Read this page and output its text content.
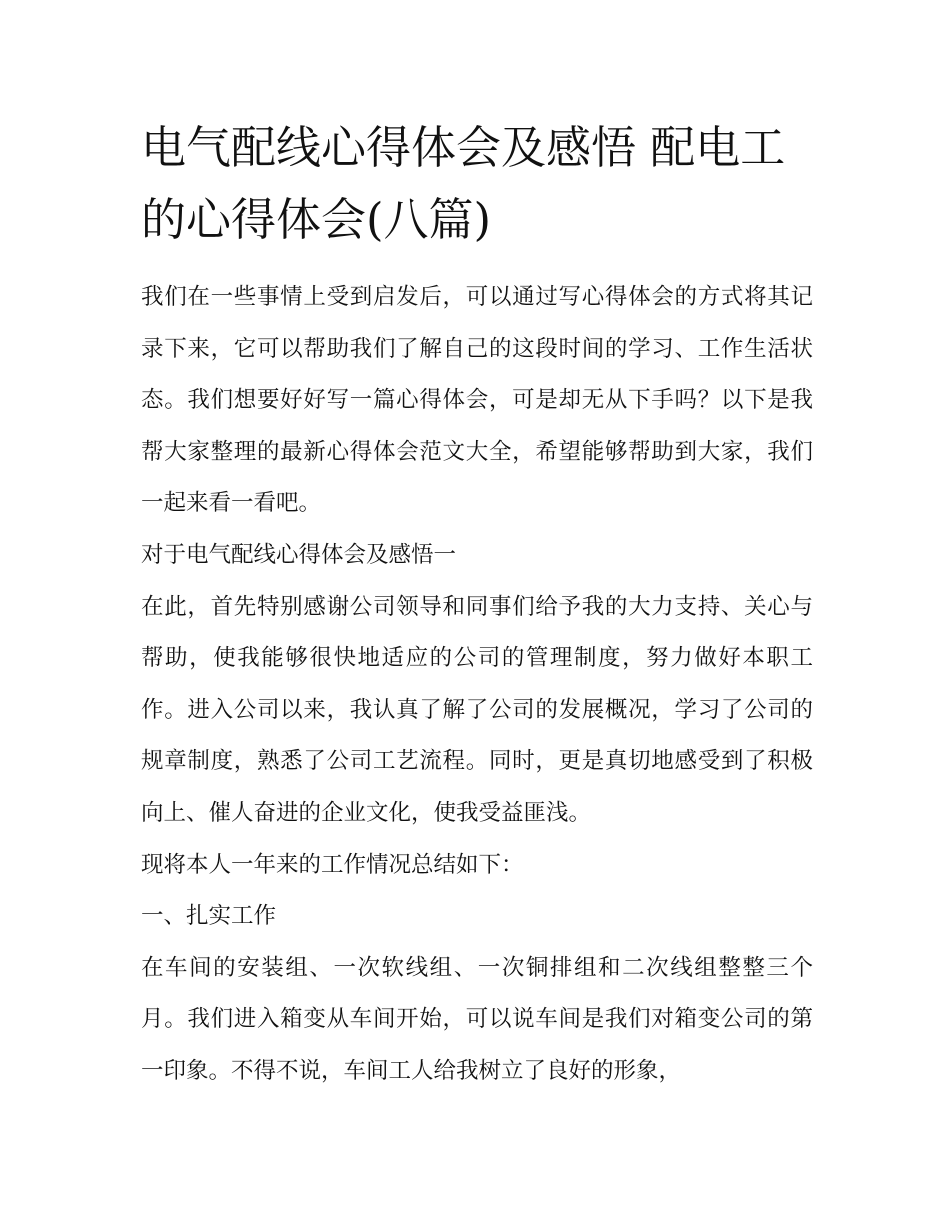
电气配线心得体会及感悟 配电工的心得体会(八篇)

我们在一些事情上受到启发后，可以通过写心得体会的方式将其记录下来，它可以帮助我们了解自己的这段时间的学习、工作生活状态。我们想要好好写一篇心得体会，可是却无从下手吗？以下是我帮大家整理的最新心得体会范文大全，希望能够帮助到大家，我们一起来看一看吧。

对于电气配线心得体会及感悟一

在此，首先特别感谢公司领导和同事们给予我的大力支持、关心与帮助，使我能够很快地适应的公司的管理制度，努力做好本职工作。进入公司以来，我认真了解了公司的发展概况，学习了公司的规章制度，熟悉了公司工艺流程。同时，更是真切地感受到了积极向上、催人奋进的企业文化，使我受益匪浅。

现将本人一年来的工作情况总结如下：

一、扎实工作

在车间的安装组、一次软线组、一次铜排组和二次线组整整三个月。我们进入箱变从车间开始，可以说车间是我们对箱变公司的第一印象。不得不说，车间工人给我树立了良好的形象，
